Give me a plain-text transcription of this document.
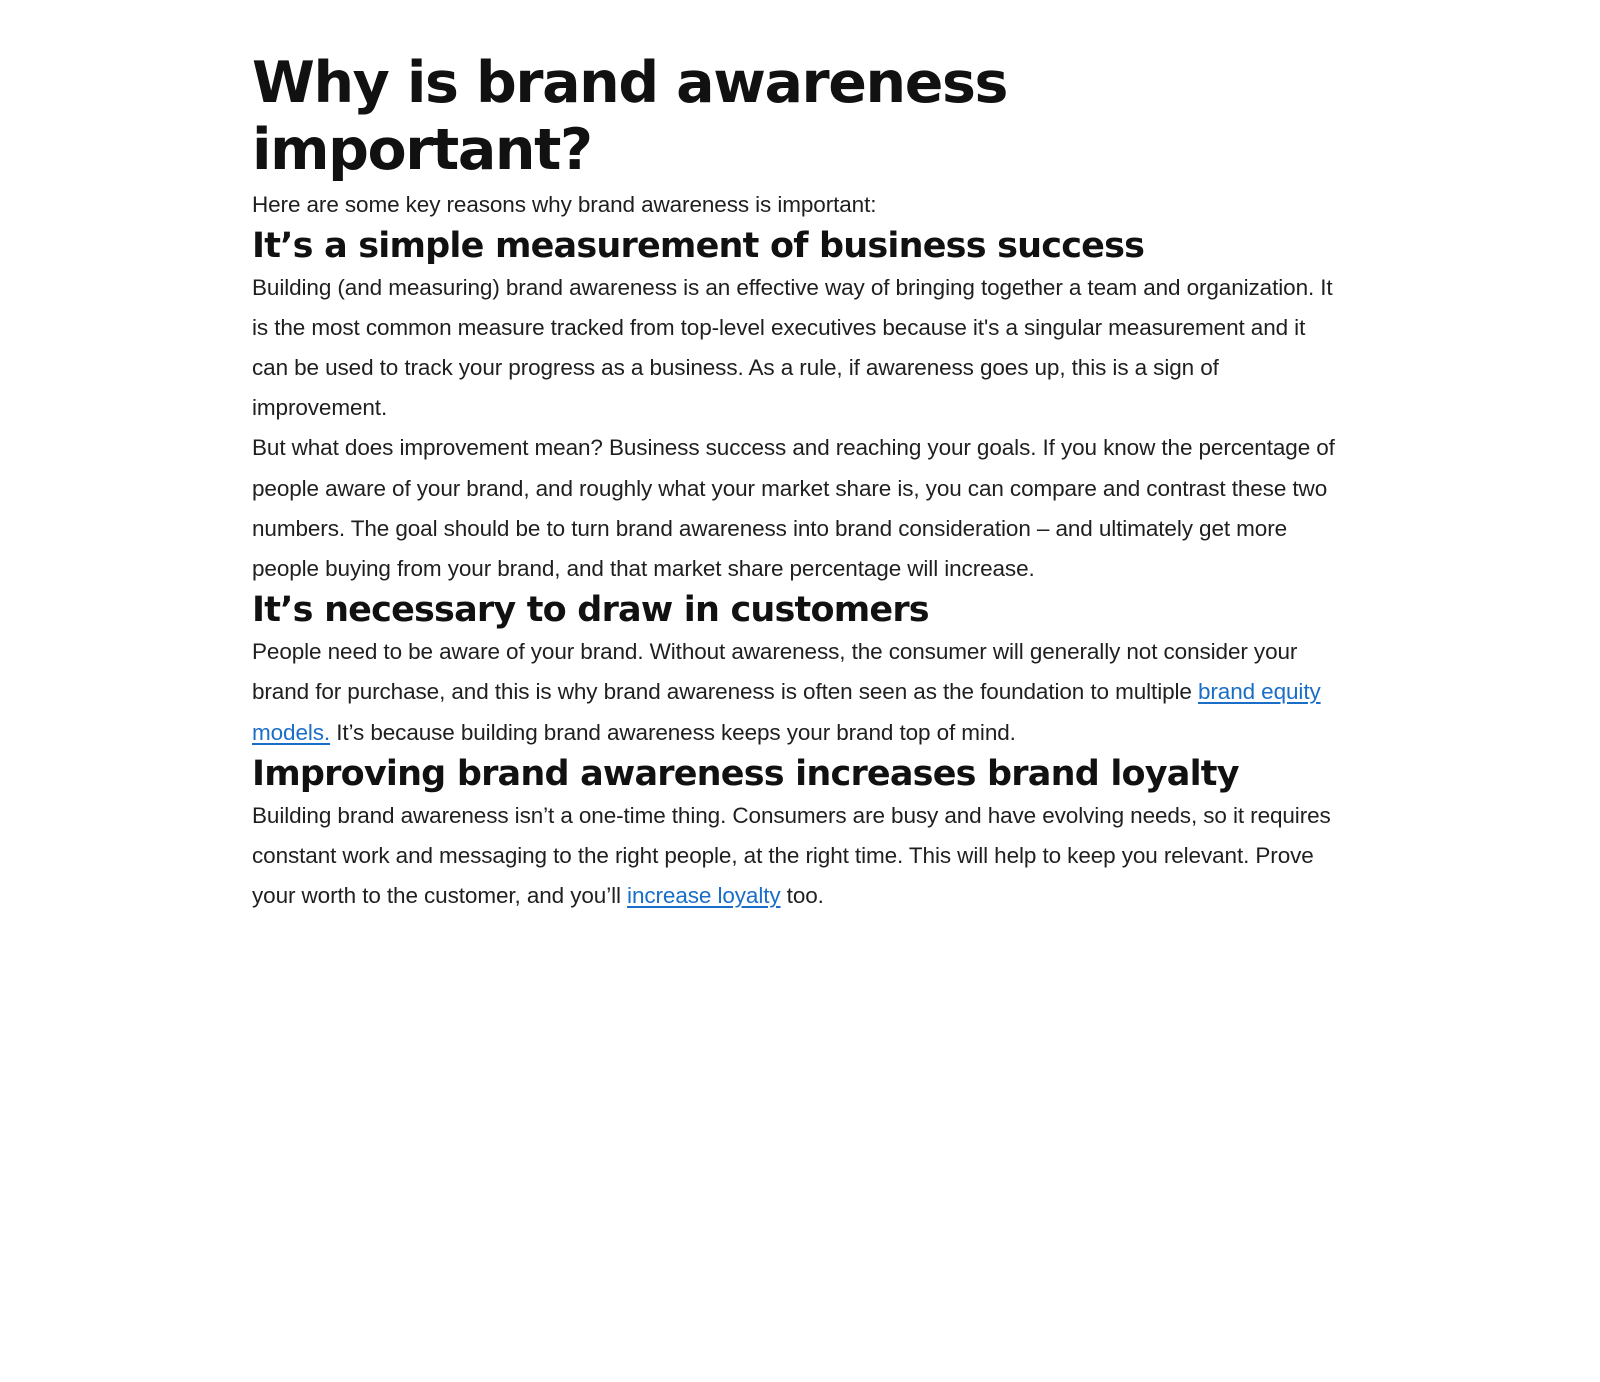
Why is brand awareness important?

Here are some key reasons why brand awareness is important:

It’s a simple measurement of business success

Building (and measuring) brand awareness is an effective way of bringing together a team and organization. It is the most common measure tracked from top-level executives because it's a singular measurement and it can be used to track your progress as a business. As a rule, if awareness goes up, this is a sign of improvement.

But what does improvement mean? Business success and reaching your goals. If you know the percentage of people aware of your brand, and roughly what your market share is, you can compare and contrast these two numbers. The goal should be to turn brand awareness into brand consideration – and ultimately get more people buying from your brand, and that market share percentage will increase.

It’s necessary to draw in customers

People need to be aware of your brand. Without awareness, the consumer will generally not consider your brand for purchase, and this is why brand awareness is often seen as the foundation to multiple brand equity models. It’s because building brand awareness keeps your brand top of mind.

Improving brand awareness increases brand loyalty

Building brand awareness isn’t a one-time thing. Consumers are busy and have evolving needs, so it requires constant work and messaging to the right people, at the right time. This will help to keep you relevant. Prove your worth to the customer, and you’ll increase loyalty too.
